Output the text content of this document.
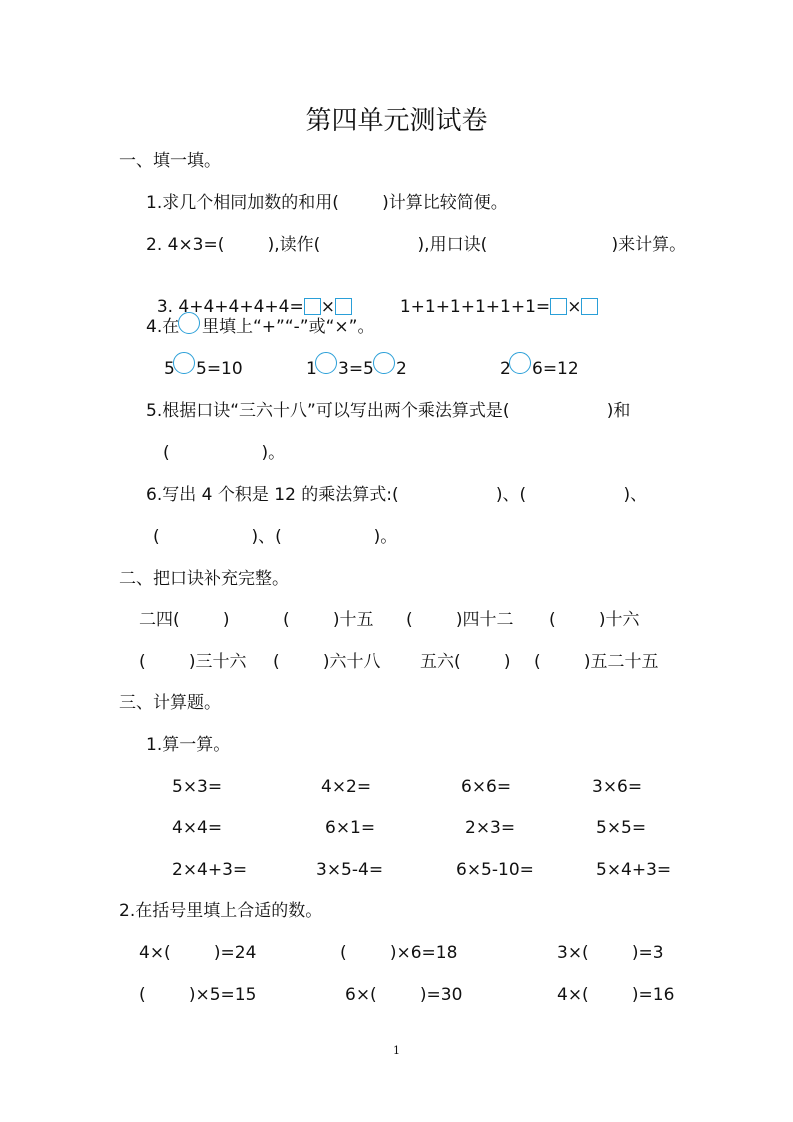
第四单元测试卷
一、填一填。
1.求几个相同加数的和用(        )计算比较简便。
2. 4×3=(        ),读作(                  ),用口诀(                       )来计算。

3. 4+4+4+4+4= ×	1+1+1+1+1+1= ×

4.在 里填上“+”“-”或“×”。
5 5=10	1 3=5 2	2 6=12
5.根据口诀“三六十八”可以写出两个乘法算式是(                  )和
(                 )。
6.写出 4 个积是 12 的乘法算式:(                  )、(                  )、
(                 )、(                 )。
二、把口诀补充完整。
二四(        )	(        )十五 (        )四十二 (        )十六
(        )三十六 (        )六十八 五六(        ) (        )五二十五
三、计算题。
1.算一算。
5×3=	4×2=	6×6=	3×6=
4×4=	6×1=	2×3=	5×5=
2×4+3=	3×5-4=	6×5-10=	5×4+3=
2.在括号里填上合适的数。
4×(        )=24	(        )×6=18	3×(        )=3
(        )×5=15	6×(        )=30	4×(        )=16
1
